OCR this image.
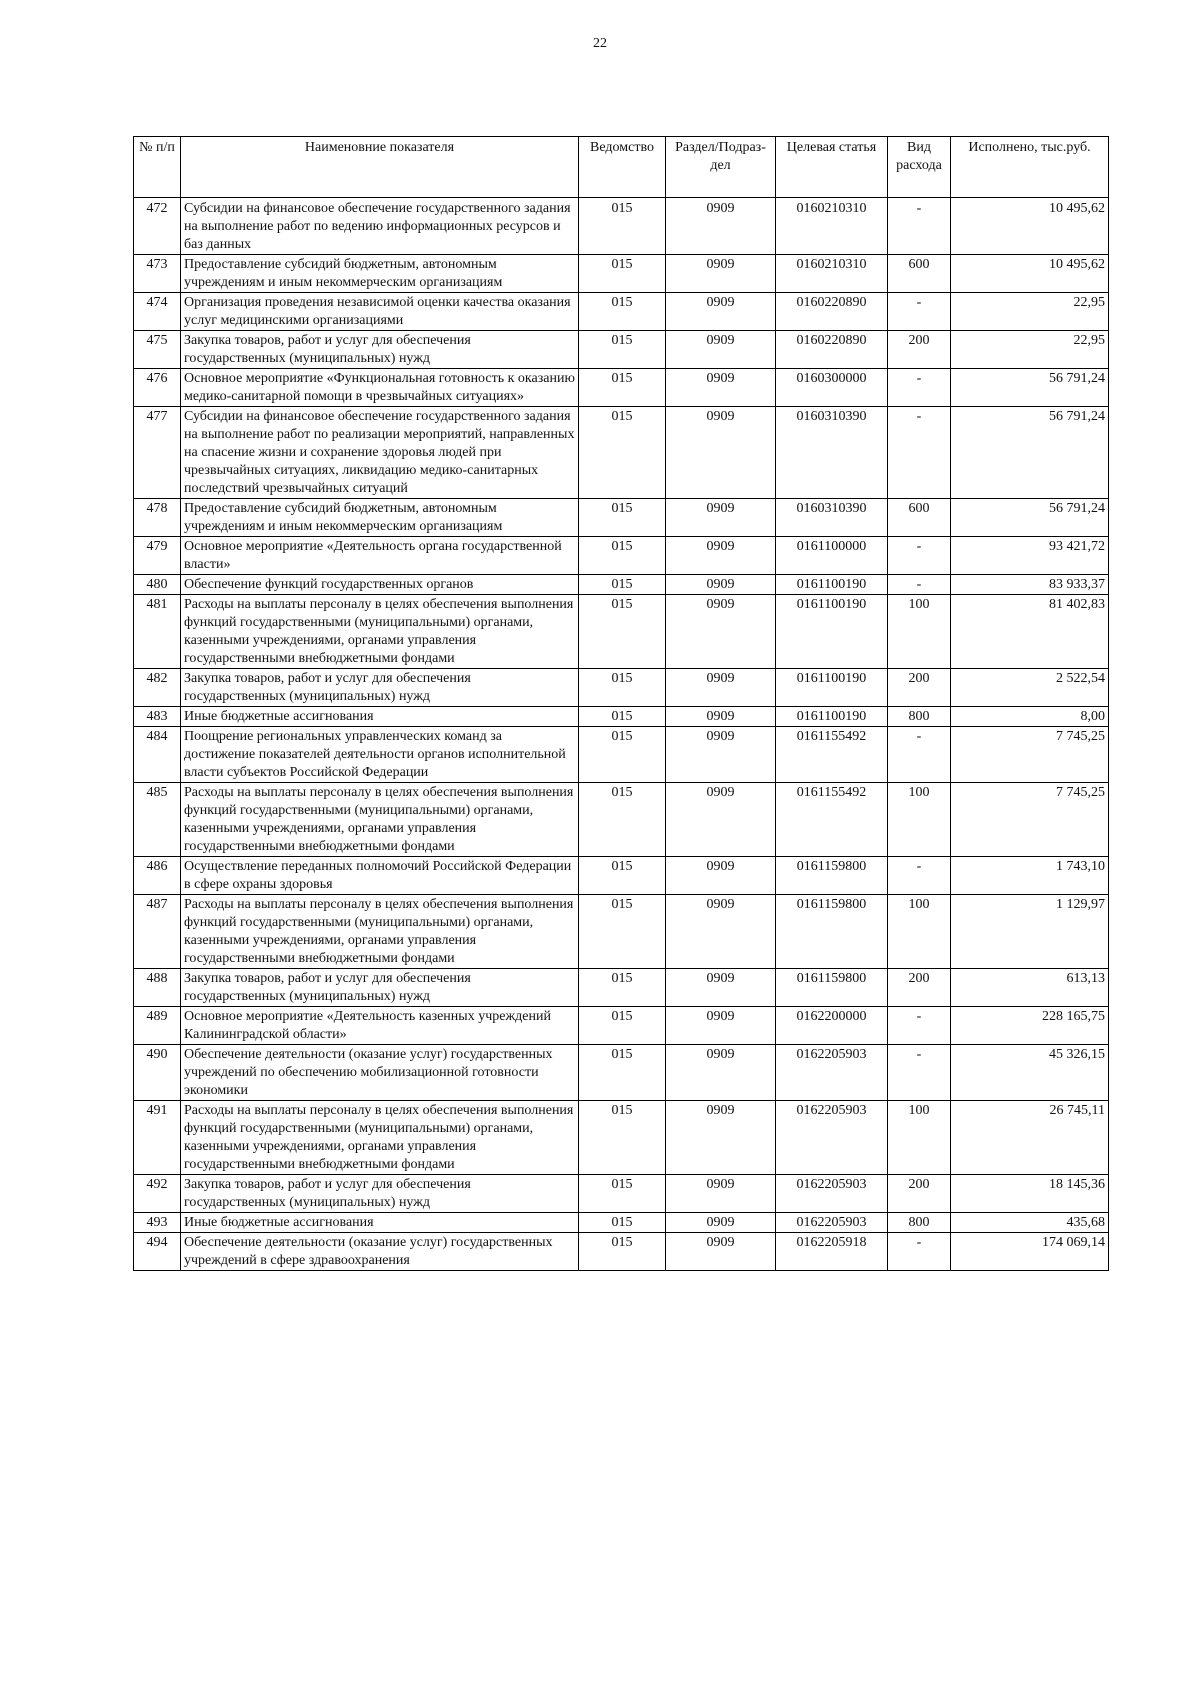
22
№ п/п	Наименовние показателя	Ведомство	Раздел/Подраз-дел	Целевая статья	Вид расхода	Исполнено, тыс.руб.
472	Субсидии на финансовое обеспечение государственного задания на выполнение работ по ведению информационных ресурсов и баз данных	015	0909	0160210310	-	10 495,62
473	Предоставление субсидий бюджетным, автономным учреждениям и иным некоммерческим организациям	015	0909	0160210310	600	10 495,62
474	Организация проведения независимой оценки качества оказания услуг медицинскими организациями	015	0909	0160220890	-	22,95
475	Закупка товаров, работ и услуг для обеспечения государственных (муниципальных) нужд	015	0909	0160220890	200	22,95
476	Основное мероприятие «Функциональная готовность к оказанию медико-санитарной помощи в чрезвычайных ситуациях»	015	0909	0160300000	-	56 791,24
477	Субсидии на финансовое обеспечение государственного задания на выполнение работ по реализации мероприятий, направленных на спасение жизни и сохранение здоровья людей при чрезвычайных ситуациях, ликвидацию медико-санитарных последствий чрезвычайных ситуаций	015	0909	0160310390	-	56 791,24
478	Предоставление субсидий бюджетным, автономным учреждениям и иным некоммерческим организациям	015	0909	0160310390	600	56 791,24
479	Основное мероприятие «Деятельность органа государственной власти»	015	0909	0161100000	-	93 421,72
480	Обеспечение функций государственных органов	015	0909	0161100190	-	83 933,37
481	Расходы на выплаты персоналу в целях обеспечения выполнения функций государственными (муниципальными) органами, казенными учреждениями, органами управления государственными внебюджетными фондами	015	0909	0161100190	100	81 402,83
482	Закупка товаров, работ и услуг для обеспечения государственных (муниципальных) нужд	015	0909	0161100190	200	2 522,54
483	Иные бюджетные ассигнования	015	0909	0161100190	800	8,00
484	Поощрение региональных управленческих команд за достижение показателей деятельности органов исполнительной власти субъектов Российской Федерации	015	0909	0161155492	-	7 745,25
485	Расходы на выплаты персоналу в целях обеспечения выполнения функций государственными (муниципальными) органами, казенными учреждениями, органами управления государственными внебюджетными фондами	015	0909	0161155492	100	7 745,25
486	Осуществление переданных полномочий Российской Федерации в сфере охраны здоровья	015	0909	0161159800	-	1 743,10
487	Расходы на выплаты персоналу в целях обеспечения выполнения функций государственными (муниципальными) органами, казенными учреждениями, органами управления государственными внебюджетными фондами	015	0909	0161159800	100	1 129,97
488	Закупка товаров, работ и услуг для обеспечения государственных (муниципальных) нужд	015	0909	0161159800	200	613,13
489	Основное мероприятие «Деятельность казенных учреждений Калининградской области»	015	0909	0162200000	-	228 165,75
490	Обеспечение деятельности (оказание услуг) государственных учреждений по обеспечению мобилизационной готовности экономики	015	0909	0162205903	-	45 326,15
491	Расходы на выплаты персоналу в целях обеспечения выполнения функций государственными (муниципальными) органами, казенными учреждениями, органами управления государственными внебюджетными фондами	015	0909	0162205903	100	26 745,11
492	Закупка товаров, работ и услуг для обеспечения государственных (муниципальных) нужд	015	0909	0162205903	200	18 145,36
493	Иные бюджетные ассигнования	015	0909	0162205903	800	435,68
494	Обеспечение деятельности (оказание услуг) государственных учреждений в сфере здравоохранения	015	0909	0162205918	-	174 069,14
